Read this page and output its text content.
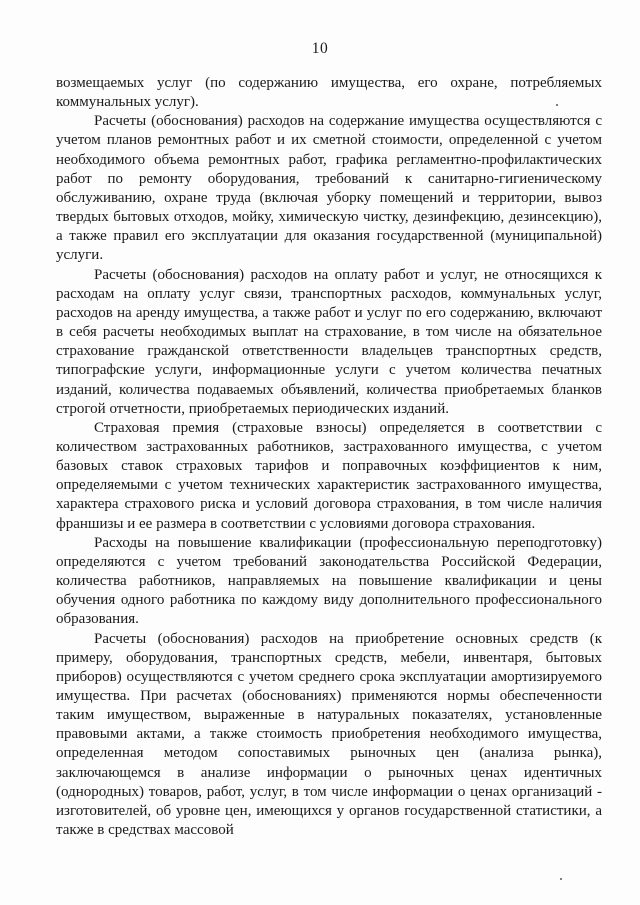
10

возмещаемых услуг (по содержанию имущества, его охране, потребляемых коммунальных услуг).

Расчеты (обоснования) расходов на содержание имущества осуществляются с учетом планов ремонтных работ и их сметной стоимости, определенной с учетом необходимого объема ремонтных работ, графика регламентно-профилактических работ по ремонту оборудования, требований к санитарно-гигиеническому обслуживанию, охране труда (включая уборку помещений и территории, вывоз твердых бытовых отходов, мойку, химическую чистку, дезинфекцию, дезинсекцию), а также правил его эксплуатации для оказания государственной (муниципальной) услуги.

Расчеты (обоснования) расходов на оплату работ и услуг, не относящихся к расходам на оплату услуг связи, транспортных расходов, коммунальных услуг, расходов на аренду имущества, а также работ и услуг по его содержанию, включают в себя расчеты необходимых выплат на страхование, в том числе на обязательное страхование гражданской ответственности владельцев транспортных средств, типографские услуги, информационные услуги с учетом количества печатных изданий, количества подаваемых объявлений, количества приобретаемых бланков строгой отчетности, приобретаемых периодических изданий.

Страховая премия (страховые взносы) определяется в соответствии с количеством застрахованных работников, застрахованного имущества, с учетом базовых ставок страховых тарифов и поправочных коэффициентов к ним, определяемыми с учетом технических характеристик застрахованного имущества, характера страхового риска и условий договора страхования, в том числе наличия франшизы и ее размера в соответствии с условиями договора страхования.

Расходы на повышение квалификации (профессиональную переподготовку) определяются с учетом требований законодательства Российской Федерации, количества работников, направляемых на повышение квалификации и цены обучения одного работника по каждому виду дополнительного профессионального образования.

Расчеты (обоснования) расходов на приобретение основных средств (к примеру, оборудования, транспортных средств, мебели, инвентаря, бытовых приборов) осуществляются с учетом среднего срока эксплуатации амортизируемого имущества. При расчетах (обоснованиях) применяются нормы обеспеченности таким имуществом, выраженные в натуральных показателях, установленные правовыми актами, а также стоимость приобретения необходимого имущества, определенная методом сопоставимых рыночных цен (анализа рынка), заключающемся в анализе информации о рыночных ценах идентичных (однородных) товаров, работ, услуг, в том числе информации о ценах организаций - изготовителей, об уровне цен, имеющихся у органов государственной статистики, а также в средствах массовой
